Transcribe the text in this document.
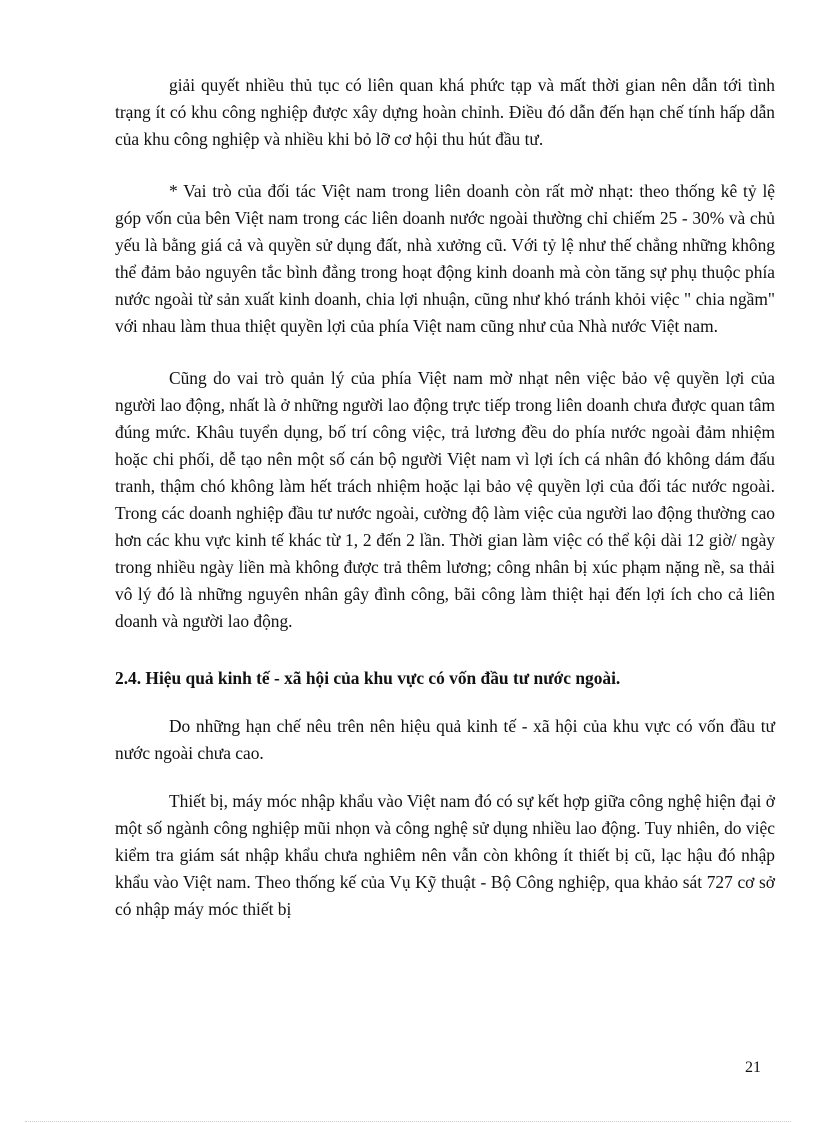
giải quyết nhiều thủ tục có liên quan khá phức tạp và mất thời gian nên dẫn tới tình trạng ít có khu công nghiệp được xây dựng hoàn chỉnh. Điều đó dẫn đến hạn chế tính hấp dẫn của khu công nghiệp và nhiều khi bỏ lỡ cơ hội thu hút đầu tư.

* Vai trò của đối tác Việt nam trong liên doanh còn rất mờ nhạt: theo thống kê tỷ lệ góp vốn của bên Việt nam trong các liên doanh nước ngoài thường chỉ chiếm 25 - 30% và chủ yếu là bằng giá cả và quyền sử dụng đất, nhà xưởng cũ. Với tỷ lệ như thế chẳng những không thể đảm bảo nguyên tắc bình đẳng trong hoạt động kinh doanh mà còn tăng sự phụ thuộc phía nước ngoài từ sản xuất kinh doanh, chia lợi nhuận, cũng như khó tránh khỏi việc " chia ngầm" với nhau làm thua thiệt quyền lợi của phía Việt nam cũng như của Nhà nước Việt nam.

Cũng do vai trò quản lý của phía Việt nam mờ nhạt nên việc bảo vệ quyền lợi của người lao động, nhất là ở những người lao động trực tiếp trong liên doanh chưa được quan tâm đúng mức. Khâu tuyển dụng, bố trí công việc, trả lương đều do phía nước ngoài đảm nhiệm hoặc chi phối, dễ tạo nên một số cán bộ người Việt nam vì lợi ích cá nhân đó không dám đấu tranh, thậm chó không làm hết trách nhiệm hoặc lại bảo vệ quyền lợi của đối tác nước ngoài. Trong các doanh nghiệp đầu tư nước ngoài, cường độ làm việc của người lao động thường cao hơn các khu vực kinh tế khác từ 1, 2 đến 2 lần. Thời gian làm việc có thể kội dài 12 giờ/ ngày trong nhiều ngày liền mà không được trả thêm lương; công nhân bị xúc phạm nặng nề, sa thải vô lý đó là những nguyên nhân gây đình công, bãi công làm thiệt hại đến lợi ích cho cả liên doanh và người lao động.

2.4. Hiệu quả kinh tế - xã hội của khu vực có vốn đầu tư nước ngoài.

Do những hạn chế nêu trên nên hiệu quả kinh tế - xã hội của khu vực có vốn đầu tư nước ngoài chưa cao.

Thiết bị, máy móc nhập khẩu vào Việt nam đó có sự kết hợp giữa công nghệ hiện đại ở một số ngành công nghiệp mũi nhọn và công nghệ sử dụng nhiều lao động. Tuy nhiên, do việc kiểm tra giám sát nhập khẩu chưa nghiêm nên vẫn còn không ít thiết bị cũ, lạc hậu đó nhập khẩu vào Việt nam. Theo thống kế của Vụ Kỹ thuật - Bộ Công nghiệp, qua khảo sát 727 cơ sở có nhập máy móc thiết bị

21
